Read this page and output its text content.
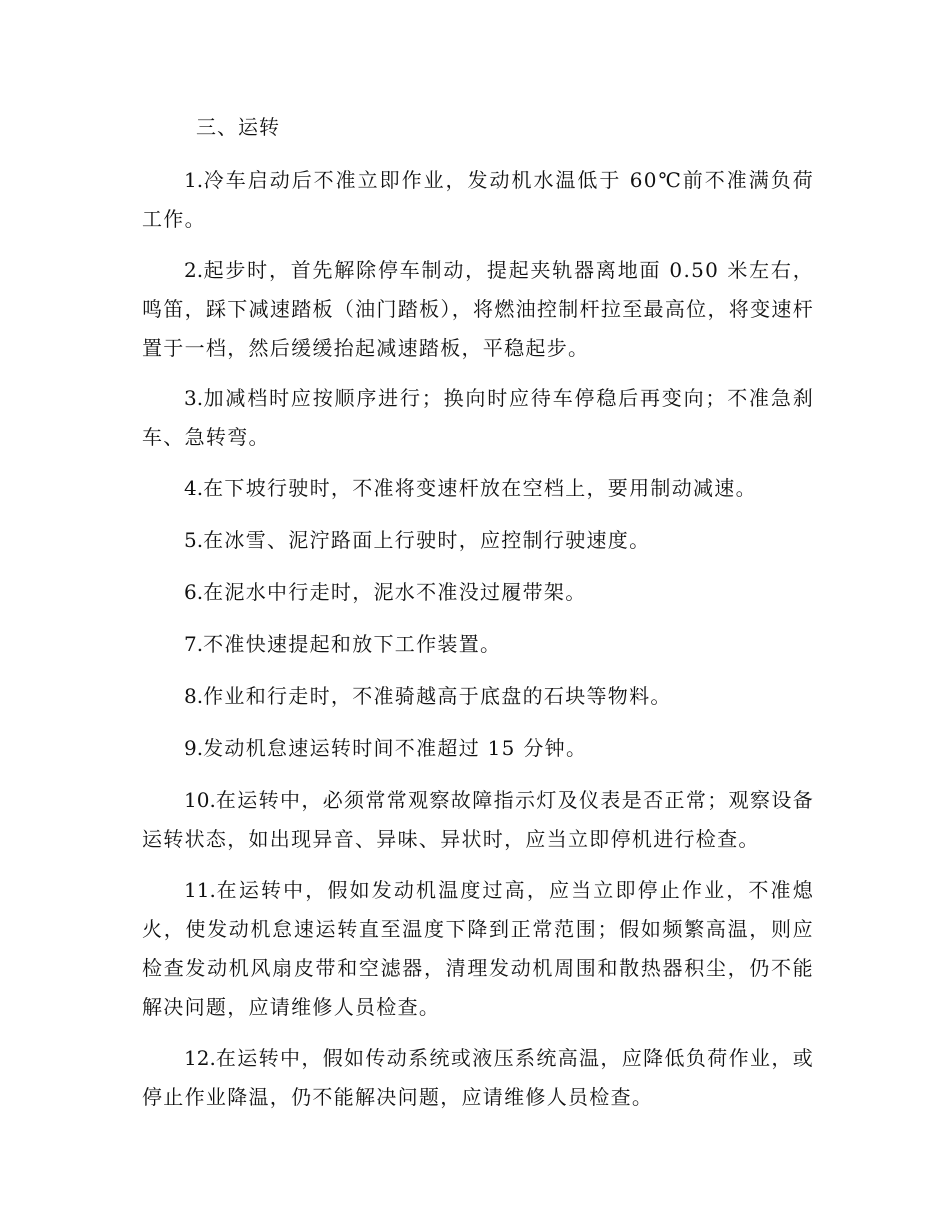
三、运转

1.冷车启动后不准立即作业，发动机水温低于 60℃前不准满负荷工作。

2.起步时，首先解除停车制动，提起夹轨器离地面 0.50 米左右，鸣笛，踩下减速踏板（油门踏板），将燃油控制杆拉至最高位，将变速杆置于一档，然后缓缓抬起减速踏板，平稳起步。

3.加减档时应按顺序进行；换向时应待车停稳后再变向；不准急刹车、急转弯。

4.在下坡行驶时，不准将变速杆放在空档上，要用制动减速。

5.在冰雪、泥泞路面上行驶时，应控制行驶速度。

6.在泥水中行走时，泥水不准没过履带架。

7.不准快速提起和放下工作装置。

8.作业和行走时，不准骑越高于底盘的石块等物料。

9.发动机怠速运转时间不准超过 15 分钟。

10.在运转中，必须常常观察故障指示灯及仪表是否正常；观察设备运转状态，如出现异音、异味、异状时，应当立即停机进行检查。

11.在运转中，假如发动机温度过高，应当立即停止作业，不准熄火，使发动机怠速运转直至温度下降到正常范围；假如频繁高温，则应检查发动机风扇皮带和空滤器，清理发动机周围和散热器积尘，仍不能解决问题，应请维修人员检查。

12.在运转中，假如传动系统或液压系统高温，应降低负荷作业，或停止作业降温，仍不能解决问题，应请维修人员检查。
